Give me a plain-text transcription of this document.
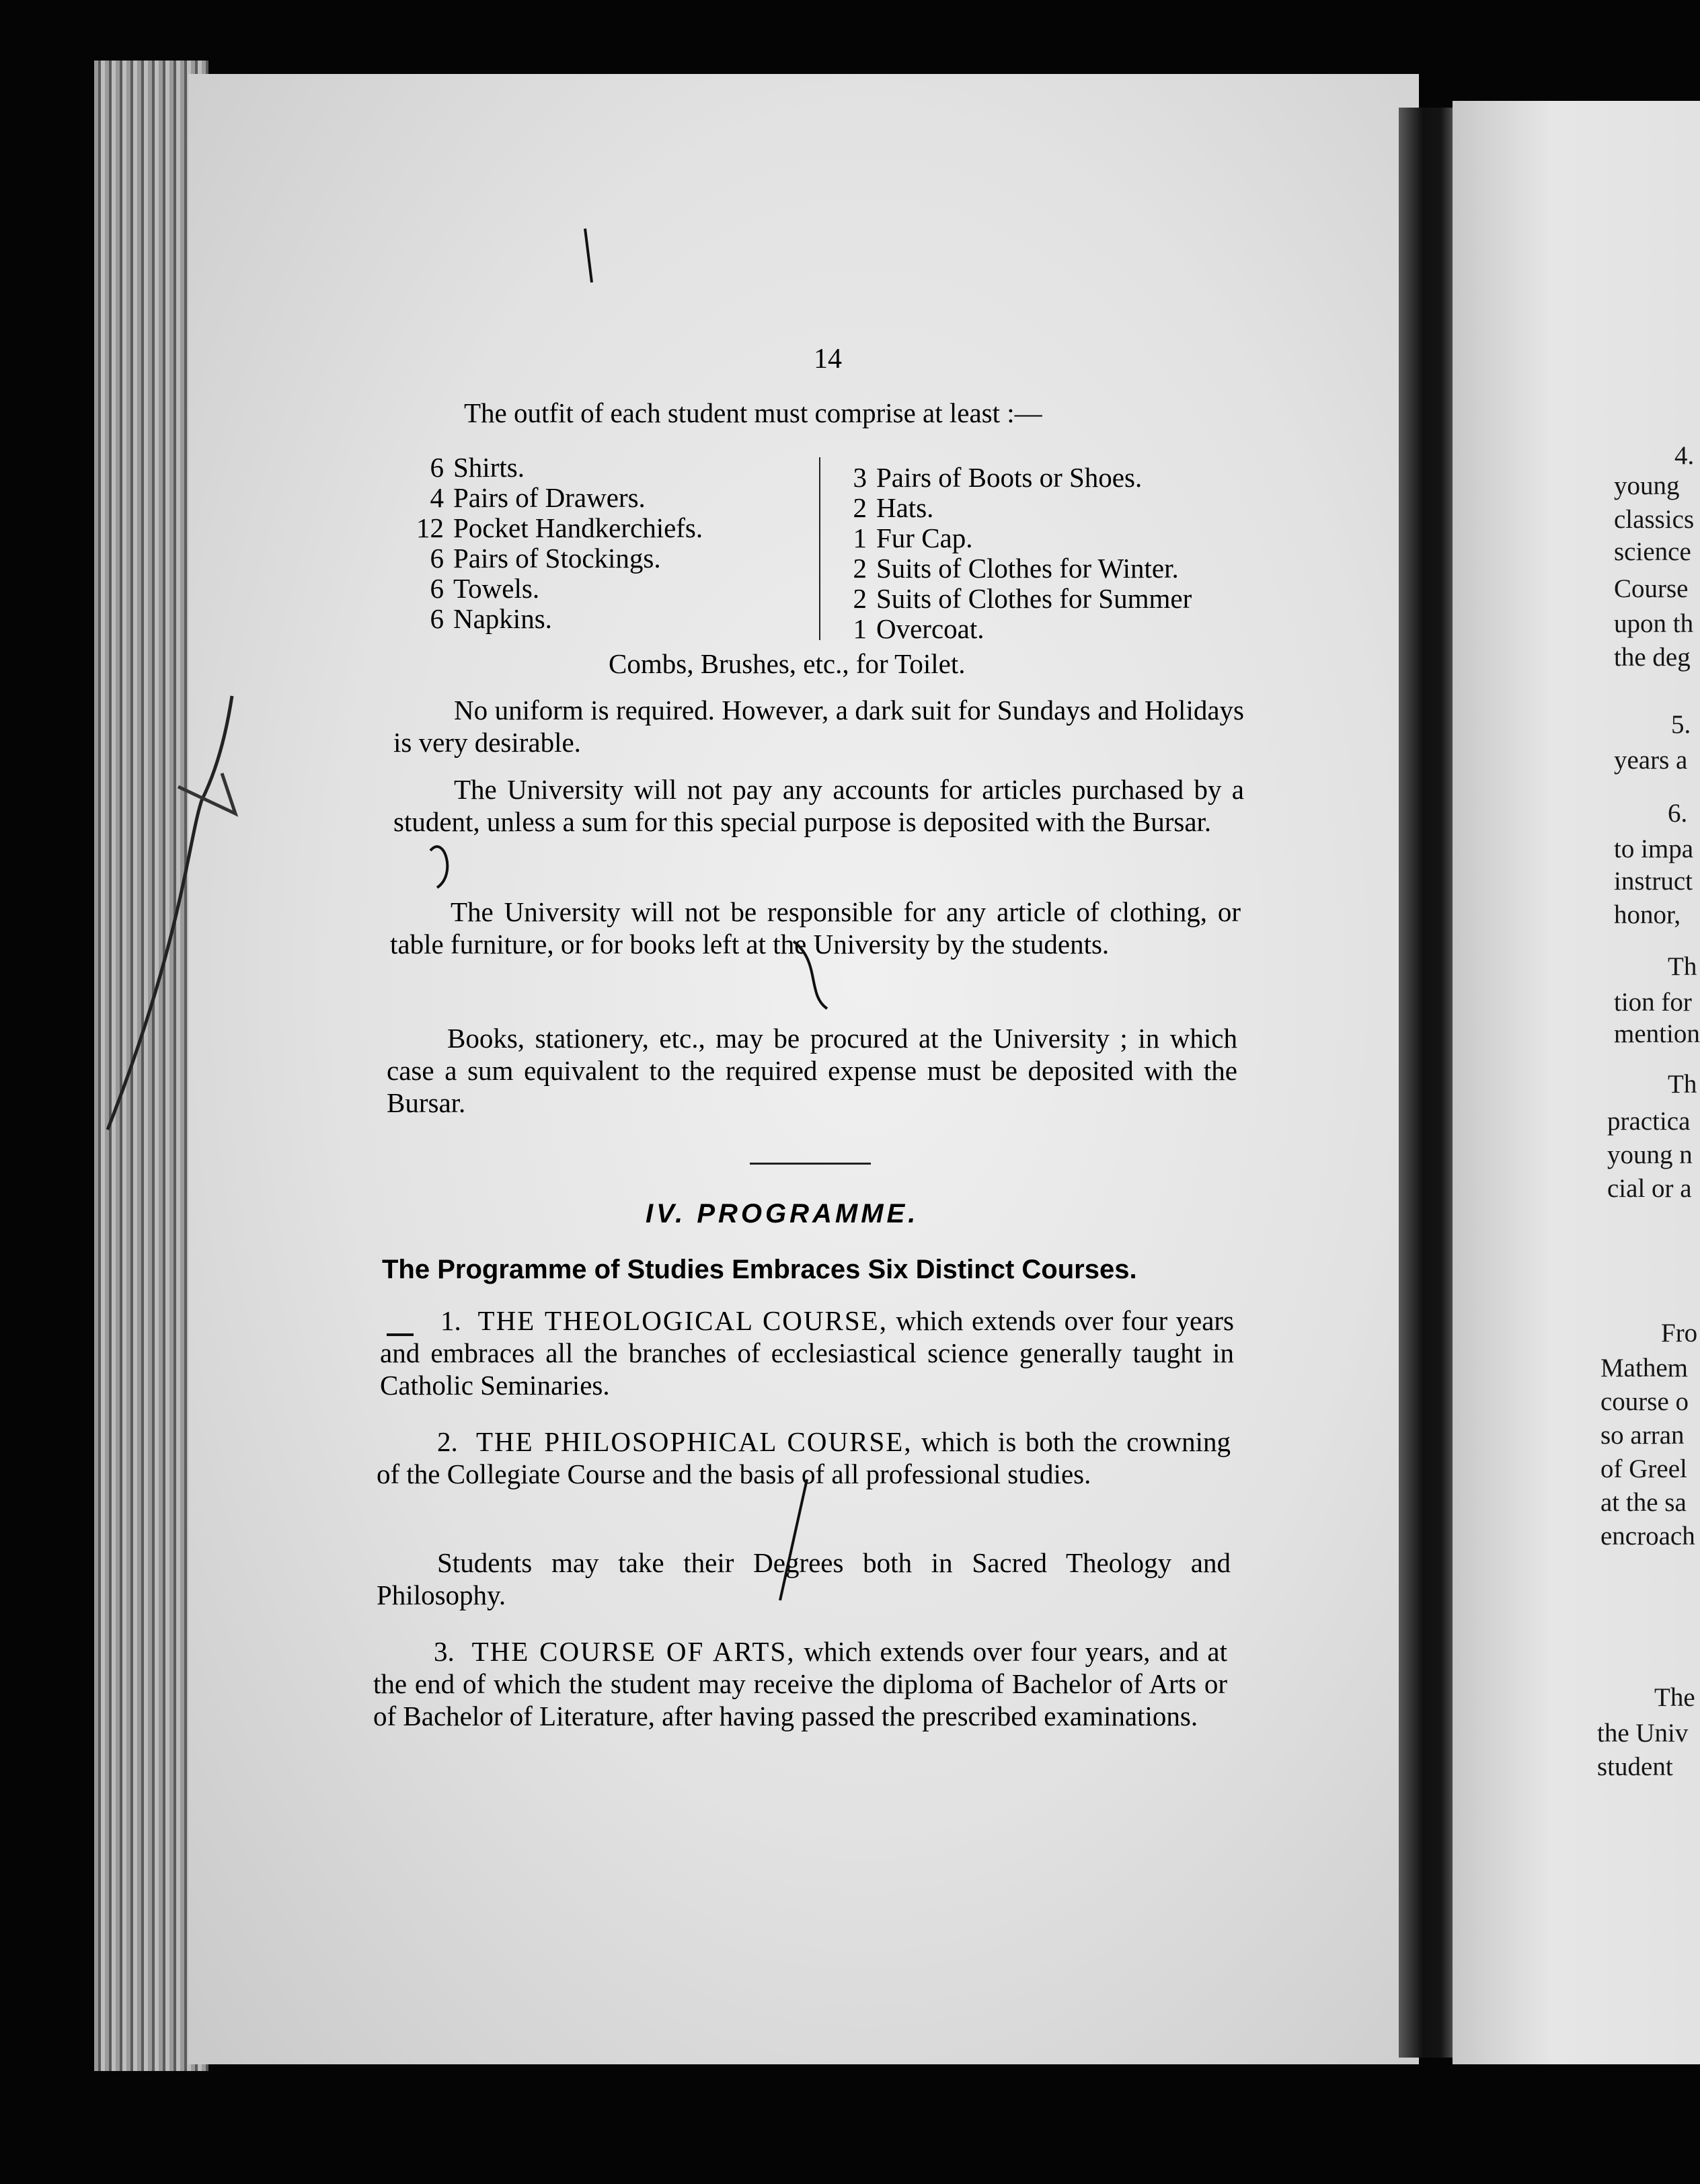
4.
young
classics
science
Course
upon th
the deg
5.
years a
6.
to impa
instruct
honor,
Th
tion for
mention
Th
practica
young n
cial or a
Fro
Mathem
course o
so arran
of Greel
at the sa
encroach
The
the Univ
student
14
The outfit of each student must comprise at least :—
6 Shirts.
4 Pairs of Drawers.
12 Pocket Handkerchiefs.
6 Pairs of Stockings.
6 Towels.
6 Napkins.
3 Pairs of Boots or Shoes.
2 Hats.
1 Fur Cap.
2 Suits of Clothes for Winter.
2 Suits of Clothes for Summer
1 Overcoat.
Combs, Brushes, etc., for Toilet.
No uniform is required. However, a dark suit for Sundays and Holidays is very desirable.
The University will not pay any accounts for articles purchased by a student, unless a sum for this special purpose is deposited with the Bursar.
The University will not be responsible for any article of clothing, or table furniture, or for books left at the University by the students.
Books, stationery, etc., may be procured at the University ; in which case a sum equivalent to the required expense must be deposited with the Bursar.
IV. PROGRAMME.
The Programme of Studies Embraces Six Distinct Courses.
1. THE THEOLOGICAL COURSE, which extends over four years and embraces all the branches of ecclesiastical science generally taught in Catholic Seminaries.
2. THE PHILOSOPHICAL COURSE, which is both the crowning of the Collegiate Course and the basis of all professional studies.
Students may take their Degrees both in Sacred Theology and Philosophy.
3. THE COURSE OF ARTS, which extends over four years, and at the end of which the student may receive the diploma of Bachelor of Arts or of Bachelor of Literature, after having passed the prescribed examinations.
